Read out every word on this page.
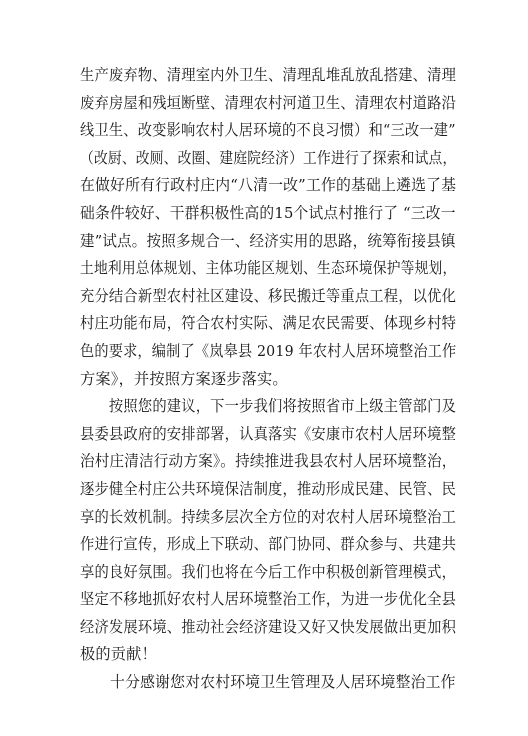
生产废弃物、清理室内外卫生、清理乱堆乱放乱搭建、清理
废弃房屋和残垣断壁、清理农村河道卫生、清理农村道路沿
线卫生、改变影响农村人居环境的不良习惯）和“三改一建”
（改厨、改厕、改圈、建庭院经济）工作进行了探索和试点，
在做好所有行政村庄内“八清一改”工作的基础上遴选了基
础条件较好、干群积极性高的15个试点村推行了 “三改一
建”试点。按照多规合一、经济实用的思路，统筹衔接县镇
土地利用总体规划、主体功能区规划、生态环境保护等规划，
充分结合新型农村社区建设、移民搬迁等重点工程，以优化
村庄功能布局，符合农村实际、满足农民需要、体现乡村特
色的要求，编制了《岚皋县 2019 年农村人居环境整治工作
方案》，并按照方案逐步落实。
　　按照您的建议，下一步我们将按照省市上级主管部门及
县委县政府的安排部署，认真落实《安康市农村人居环境整
治村庄清洁行动方案》。持续推进我县农村人居环境整治，
逐步健全村庄公共环境保洁制度，推动形成民建、民管、民
享的长效机制。持续多层次全方位的对农村人居环境整治工
作进行宣传，形成上下联动、部门协同、群众参与、共建共
享的良好氛围。我们也将在今后工作中积极创新管理模式，
坚定不移地抓好农村人居环境整治工作，为进一步优化全县
经济发展环境、推动社会经济建设又好又快发展做出更加积
极的贡献！
　　十分感谢您对农村环境卫生管理及人居环境整治工作
